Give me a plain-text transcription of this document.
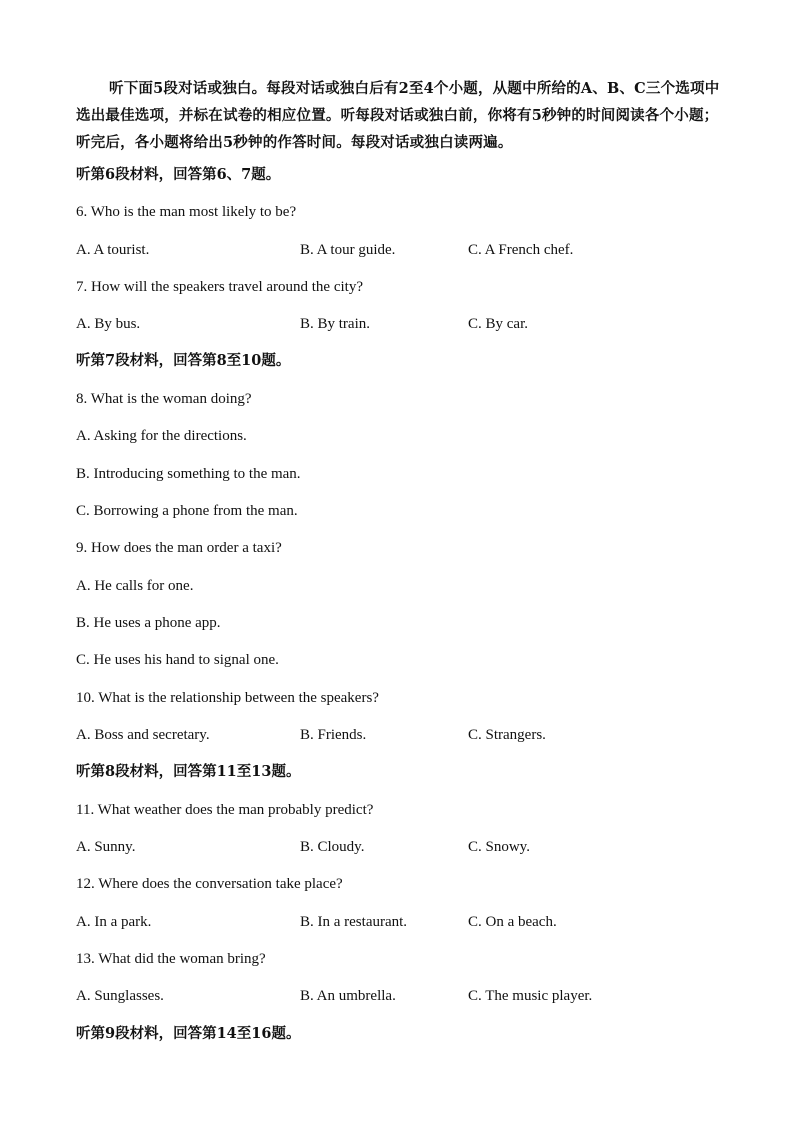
听下面5段对话或独白。每段对话或独白后有2至4个小题，从题中所给的A、B、C三个选项中选出最佳选项，并标在试卷的相应位置。听每段对话或独白前，你将有5秒钟的时间阅读各个小题；听完后，各小题将给出5秒钟的作答时间。每段对话或独白读两遍。

听第6段材料，回答第6、7题。

6. Who is the man most likely to be?

A. A tourist.	B. A tour guide.	C. A French chef.

7. How will the speakers travel around the city?

A. By bus.	B. By train.	C. By car.

听第7段材料，回答第8至10题。

8. What is the woman doing?

A. Asking for the directions.

B. Introducing something to the man.

C. Borrowing a phone from the man.

9. How does the man order a taxi?

A. He calls for one.

B. He uses a phone app.

C. He uses his hand to signal one.

10. What is the relationship between the speakers?

A. Boss and secretary.	B. Friends.	C. Strangers.

听第8段材料，回答第11至13题。

11. What weather does the man probably predict?

A. Sunny.	B. Cloudy.	C. Snowy.

12. Where does the conversation take place?

A. In a park.	B. In a restaurant.	C. On a beach.

13. What did the woman bring?

A. Sunglasses.	B. An umbrella.	C. The music player.

听第9段材料，回答第14至16题。
